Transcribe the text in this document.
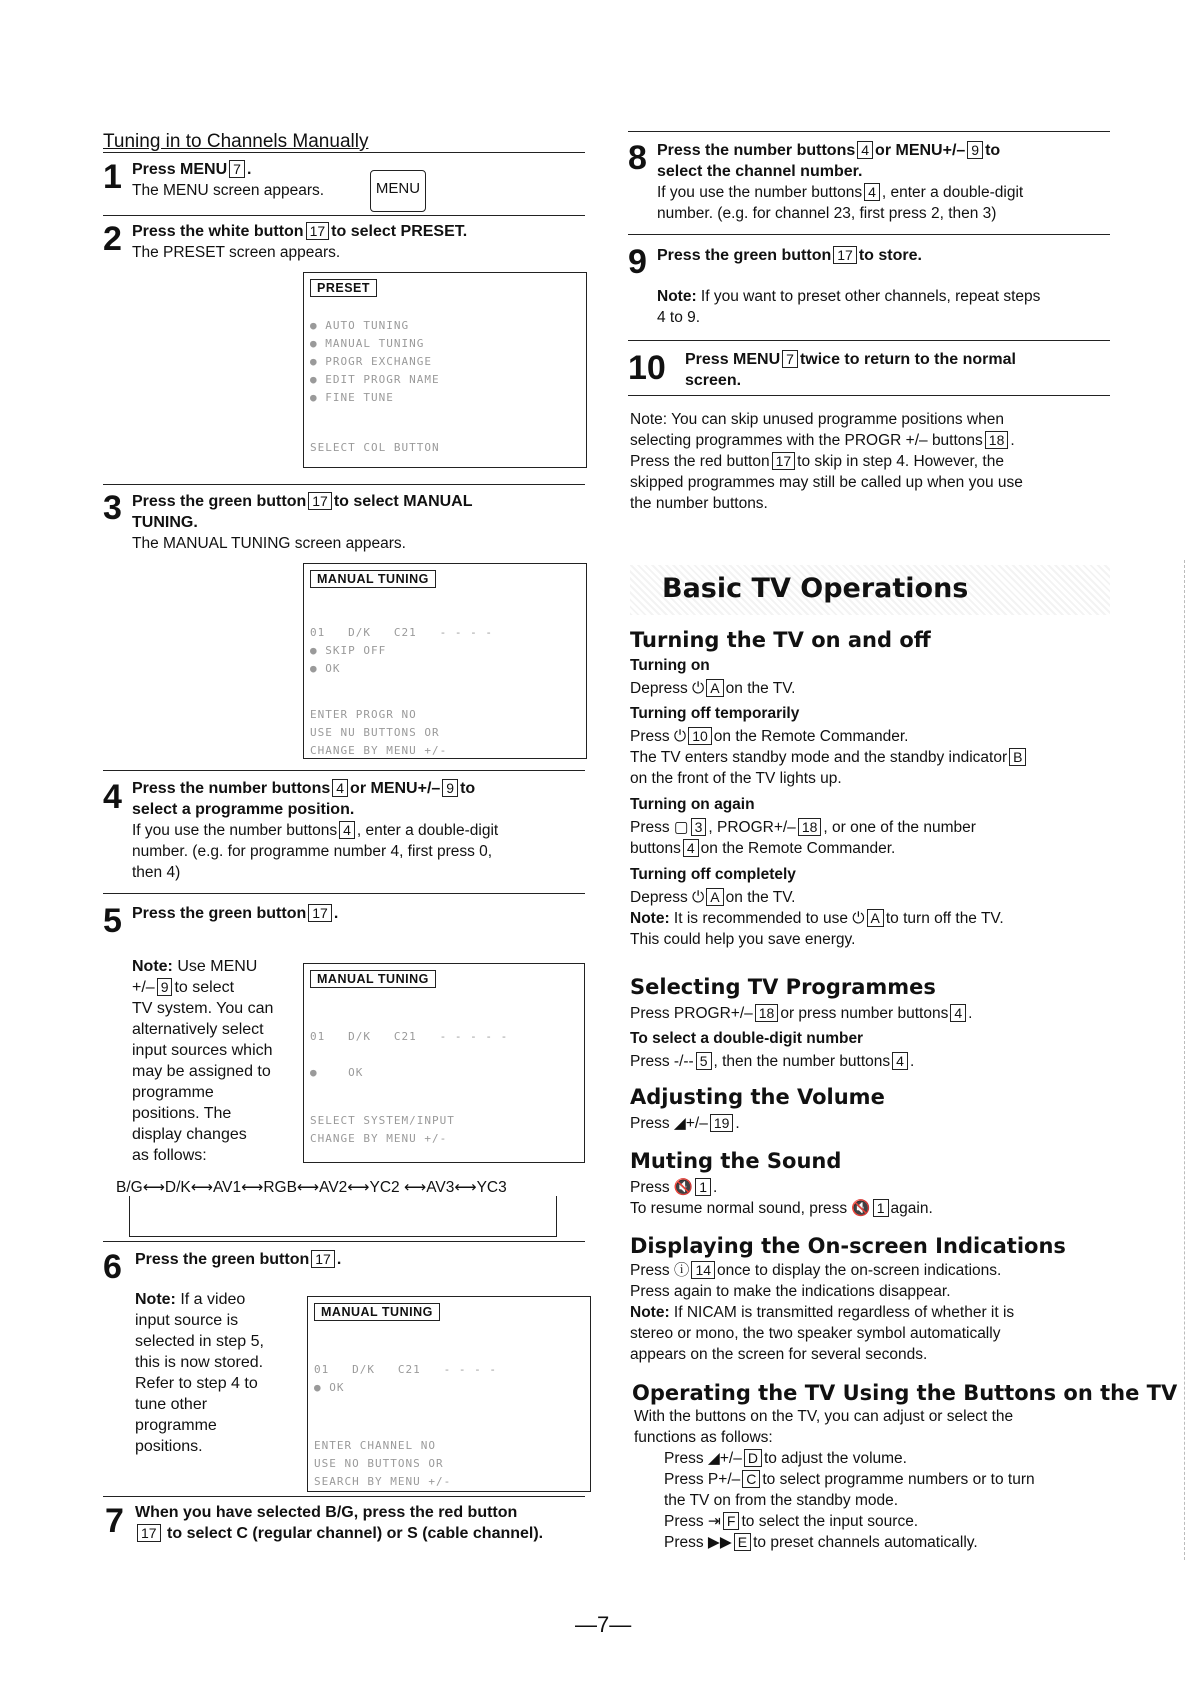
Tuning in to Channels Manually
1 Press MENU 7 .
The MENU screen appears.	MENU
2 Press the white button 17 to select PRESET.
The PRESET screen appears.
PRESET
● AUTO TUNING
● MANUAL TUNING
● PROGR EXCHANGE
● EDIT PROGR NAME
● FINE TUNE
SELECT COL BUTTON
3 Press the green button 17 to select MANUAL
TUNING.
The MANUAL TUNING screen appears.
MANUAL TUNING
01   D/K   C21   - - - -
● SKIP OFF
● OK
ENTER PROGR NO
USE NU BUTTONS OR
CHANGE BY MENU +/-
4 Press the number buttons 4 or MENU+/– 9 to
select a programme position.
If you use the number buttons 4 , enter a double-digit
number. (e.g. for programme number 4, first press 0,
then 4)
5 Press the green button 17 .
Note: Use MENU
+/– 9 to select
TV system. You can
alternatively select
input sources which
may be assigned to
programme
positions. The
display changes
as follows:
MANUAL TUNING
01   D/K   C21   - - - - -

●    OK
SELECT SYSTEM/INPUT
CHANGE BY MENU +/-
B/G⟷D/K⟷AV1⟷RGB⟷AV2⟷YC2 ⟷AV3⟷YC3
6 Press the green button 17 .
Note: If a video
input source is
selected in step 5,
this is now stored.
Refer to step 4 to
tune other
programme
positions.
MANUAL TUNING
01   D/K   C21   - - - -
● OK
ENTER CHANNEL NO
USE NO BUTTONS OR
SEARCH BY MENU +/-
7 When you have selected B/G, press the red button
17 to select C (regular channel) or S (cable channel).
8 Press the number buttons 4 or MENU+/– 9 to
select the channel number.
If you use the number buttons 4 , enter a double-digit
number. (e.g. for channel 23, first press 2, then 3)
9 Press the green button 17 to store.
Note: If you want to preset other channels, repeat steps
4 to 9.
10 Press MENU 7 twice to return to the normal
screen.
Note: You can skip unused programme positions when
selecting programmes with the PROGR +/– buttons 18 .
Press the red button 17 to skip in step 4. However, the
skipped programmes may still be called up when you use
the number buttons.
Basic TV Operations
Turning the TV on and off
Turning on
Depress ⏻ A on the TV.
Turning off temporarily
Press ⏻ 10 on the Remote Commander.
The TV enters standby mode and the standby indicator B
on the front of the TV lights up.
Turning on again
Press ▢ 3 , PROGR+/– 18 , or one of the number
buttons 4 on the Remote Commander.
Turning off completely
Depress ⏻ A on the TV.
Note: It is recommended to use ⏻ A to turn off the TV.
This could help you save energy.
Selecting TV Programmes
Press PROGR+/– 18 or press number buttons 4 .
To select a double-digit number
Press -/-- 5 , then the number buttons 4 .
Adjusting the Volume
Press ◢+/– 19 .
Muting the Sound
Press 🔇 1 .
To resume normal sound, press 🔇 1 again.
Displaying the On-screen Indications
Press ⓘ 14 once to display the on-screen indications.
Press again to make the indications disappear.
Note: If NICAM is transmitted regardless of whether it is
stereo or mono, the two speaker symbol automatically
appears on the screen for several seconds.
Operating the TV Using the Buttons on the TV
With the buttons on the TV, you can adjust or select the
functions as follows:
Press ◢+/– D to adjust the volume.
Press P+/– C to select programme numbers or to turn
the TV on from the standby mode.
Press ⇥ F to select the input source.
Press ▶▶ E to preset channels automatically.
—7—
